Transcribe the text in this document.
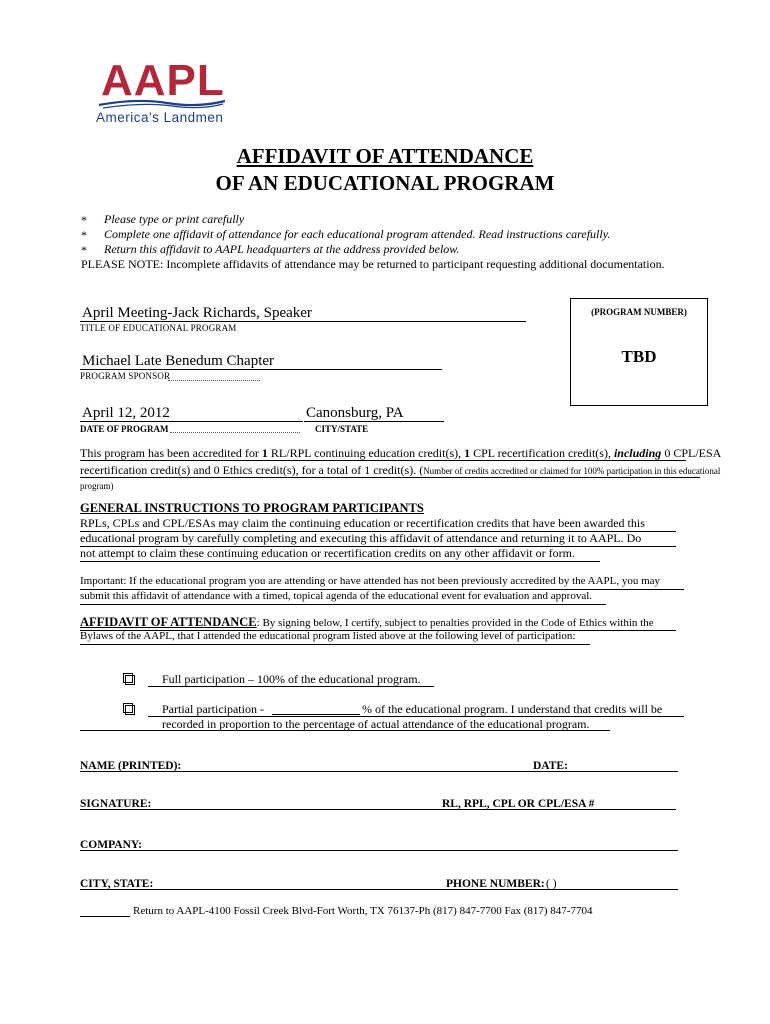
AAPL
America's Landmen
AFFIDAVIT OF ATTENDANCE
OF AN EDUCATIONAL PROGRAM
* Please type or print carefully
* Complete one affidavit of attendance for each educational program attended. Read instructions carefully.
* Return this affidavit to AAPL headquarters at the address provided below.
PLEASE NOTE: Incomplete affidavits of attendance may be returned to participant requesting additional documentation.
April Meeting-Jack Richards, Speaker
TITLE OF EDUCATIONAL PROGRAM
Michael Late Benedum Chapter
PROGRAM SPONSOR
April 12, 2012
DATE OF PROGRAM
Canonsburg, PA
CITY/STATE
(PROGRAM NUMBER)
TBD
This program has been accredited for 1 RL/RPL continuing education credit(s), 1 CPL recertification credit(s), including 0 CPL/ESA
recertification credit(s) and 0 Ethics credit(s), for a total of 1 credit(s). (Number of credits accredited or claimed for 100% participation in this educational
program)
GENERAL INSTRUCTIONS TO PROGRAM PARTICIPANTS
RPLs, CPLs and CPL/ESAs may claim the continuing education or recertification credits that have been awarded this
educational program by carefully completing and executing this affidavit of attendance and returning it to AAPL. Do
not attempt to claim these continuing education or recertification credits on any other affidavit or form.
Important: If the educational program you are attending or have attended has not been previously accredited by the AAPL, you may
submit this affidavit of attendance with a timed, topical agenda of the educational event for evaluation and approval.
AFFIDAVIT OF ATTENDANCE: By signing below, I certify, subject to penalties provided in the Code of Ethics within the
Bylaws of the AAPL, that I attended the educational program listed above at the following level of participation:
Full participation – 100% of the educational program.
Partial participation -	% of the educational program. I understand that credits will be
recorded in proportion to the percentage of actual attendance of the educational program.
NAME (PRINTED):	DATE:
SIGNATURE:	RL, RPL, CPL OR CPL/ESA #
COMPANY:
CITY, STATE:	PHONE NUMBER: ( )
Return to AAPL-4100 Fossil Creek Blvd-Fort Worth, TX 76137-Ph (817) 847-7700 Fax (817) 847-7704
